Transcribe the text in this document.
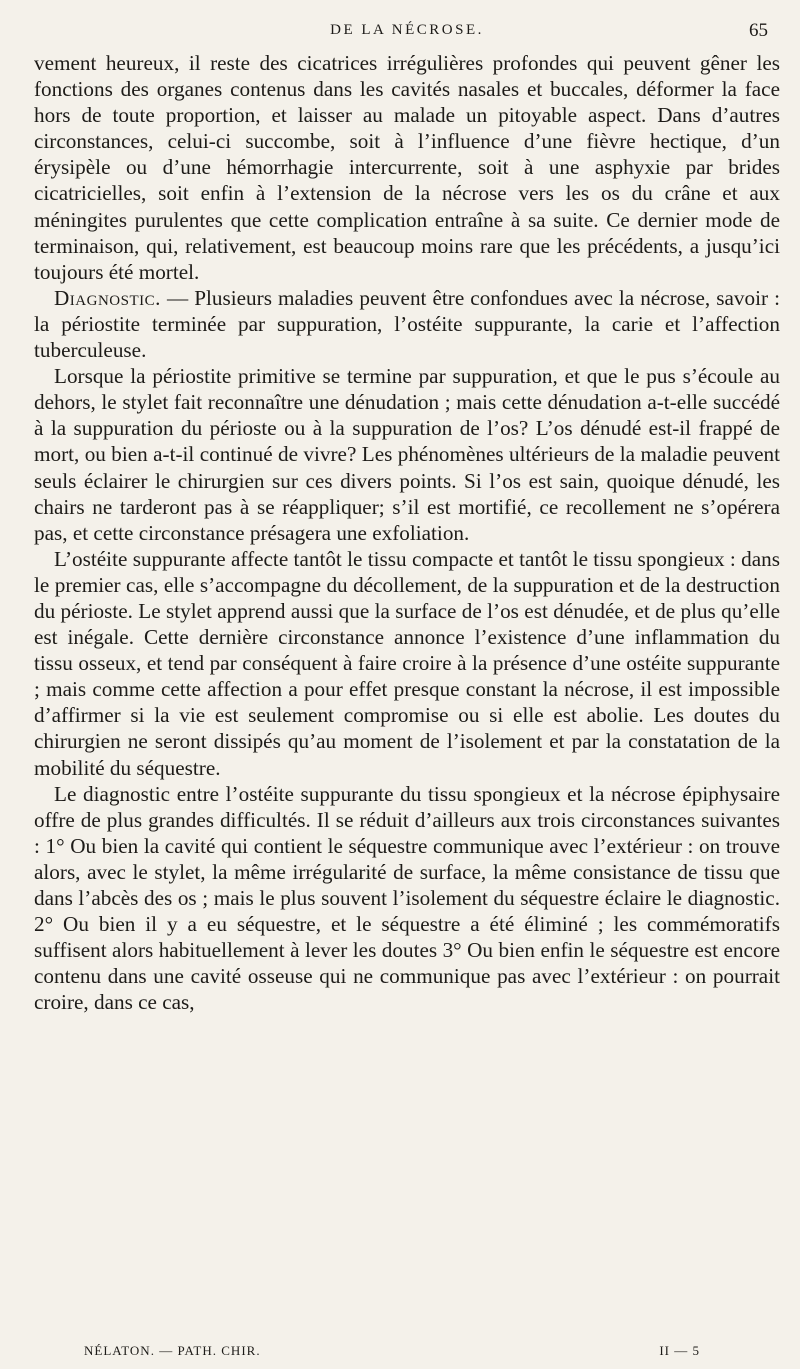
DE LA NÉCROSE.	65

vement heureux, il reste des cicatrices irrégulières profondes qui peuvent gêner les fonctions des organes contenus dans les cavités nasales et buccales, déformer la face hors de toute proportion, et laisser au malade un pitoyable aspect. Dans d’autres circonstances, celui-ci succombe, soit à l’influence d’une fièvre hectique, d’un érysipèle ou d’une hémorrhagie intercurrente, soit à une asphyxie par brides cicatricielles, soit enfin à l’extension de la nécrose vers les os du crâne et aux méningites purulentes que cette complication entraîne à sa suite. Ce dernier mode de terminaison, qui, relativement, est beaucoup moins rare que les précédents, a jusqu’ici toujours été mortel.

Diagnostic. — Plusieurs maladies peuvent être confondues avec la nécrose, savoir : la périostite terminée par suppuration, l’ostéite suppurante, la carie et l’affection tuberculeuse.

Lorsque la périostite primitive se termine par suppuration, et que le pus s’écoule au dehors, le stylet fait reconnaître une dénudation ; mais cette dénudation a-t-elle succédé à la suppuration du périoste ou à la suppuration de l’os? L’os dénudé est-il frappé de mort, ou bien a-t-il continué de vivre? Les phénomènes ultérieurs de la maladie peuvent seuls éclairer le chirurgien sur ces divers points. Si l’os est sain, quoique dénudé, les chairs ne tarderont pas à se réappliquer; s’il est mortifié, ce recollement ne s’opérera pas, et cette circonstance présagera une exfoliation.

L’ostéite suppurante affecte tantôt le tissu compacte et tantôt le tissu spongieux : dans le premier cas, elle s’accompagne du décollement, de la suppuration et de la destruction du périoste. Le stylet apprend aussi que la surface de l’os est dénudée, et de plus qu’elle est inégale. Cette dernière circonstance annonce l’existence d’une inflammation du tissu osseux, et tend par conséquent à faire croire à la présence d’une ostéite suppurante ; mais comme cette affection a pour effet presque constant la nécrose, il est impossible d’affirmer si la vie est seulement compromise ou si elle est abolie. Les doutes du chirurgien ne seront dissipés qu’au moment de l’isolement et par la constatation de la mobilité du séquestre.

Le diagnostic entre l’ostéite suppurante du tissu spongieux et la nécrose épiphysaire offre de plus grandes difficultés. Il se réduit d’ailleurs aux trois circonstances suivantes : 1° Ou bien la cavité qui contient le séquestre communique avec l’extérieur : on trouve alors, avec le stylet, la même irrégularité de surface, la même consistance de tissu que dans l’abcès des os ; mais le plus souvent l’isolement du séquestre éclaire le diagnostic. 2° Ou bien il y a eu séquestre, et le séquestre a été éliminé ; les commémoratifs suffisent alors habituellement à lever les doutes 3° Ou bien enfin le séquestre est encore contenu dans une cavité osseuse qui ne communique pas avec l’extérieur : on pourrait croire, dans ce cas,

NÉLATON. — PATH. CHIR.	II — 5
